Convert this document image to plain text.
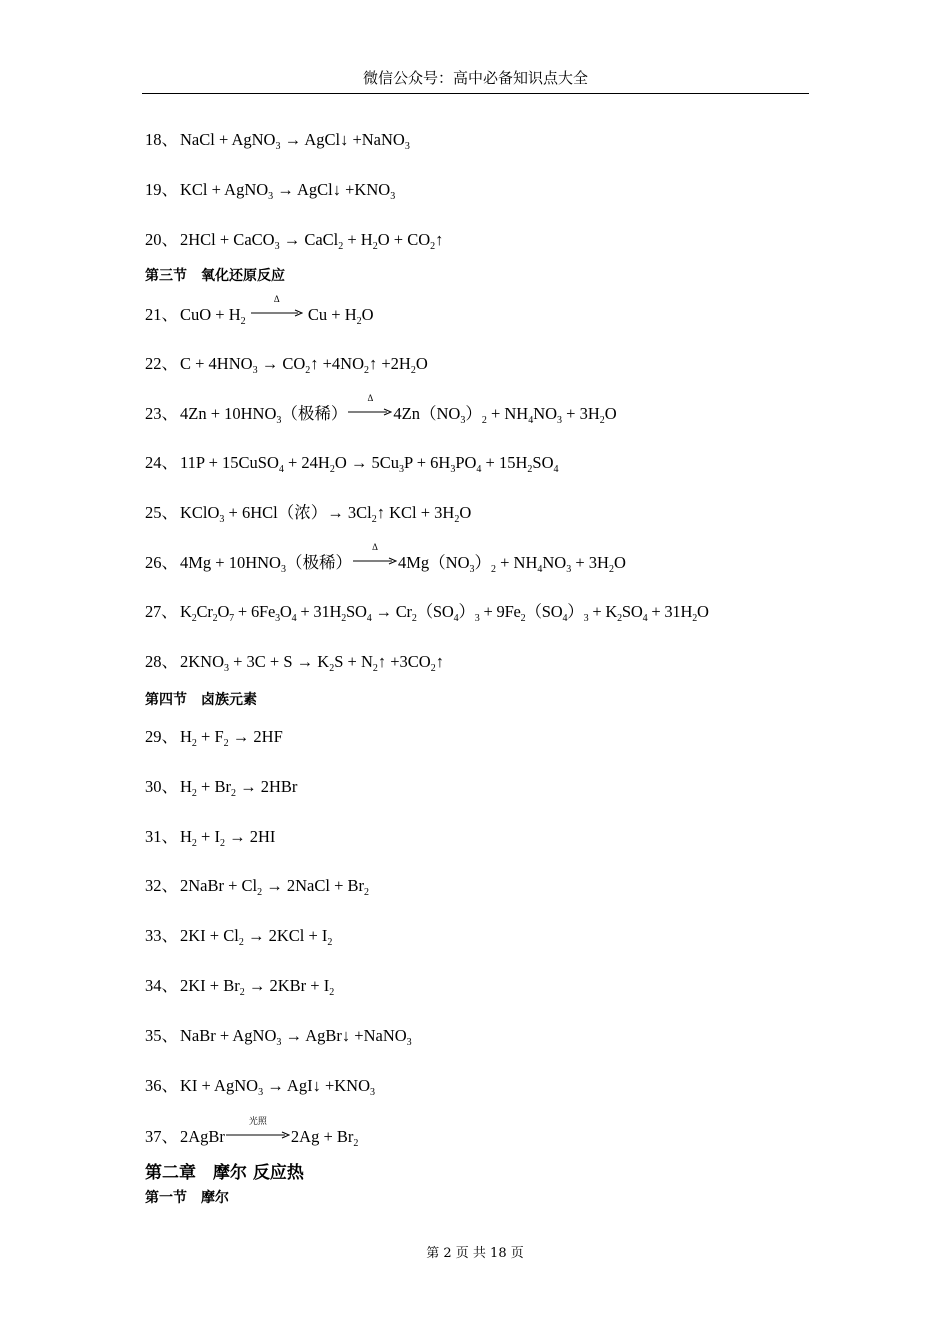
微信公众号：高中必备知识点大全
18、 NaCl + AgNO$_3$ → AgCl↓ +NaNO$_3$
19、 KCl + AgNO$_3$ → AgCl↓ $+KNO_3$
20、 2HCl + CaCO$_3$ → CaCl$_2$ + $H_2O$ + $CO_2↑$
第三节　氧化还原反应
21、 CuO + $H_2$
Δ
$Cu + H_2O$
22、 $C + 4HNO_3$ → $CO_2↑$ $+4NO_2↑ +2H_2O$
23、 $4Zn + 10HNO_3$（极稀）
Δ
$4Zn(NO_3)_2 + NH_4NO_3 + 3H_2O$
24、 11P + 15CuSO$_4$ + $24H_2O \to 5Cu_3P + 6H_3PO_4 + 15H_2SO_4$
25、 KClO$_3$ + 6HCl（浓）→ $3Cl_2↑$ KCl + $3H_2O$
26、 $4Mg + 10HNO_3$（极稀）
Δ
$4Mg(NO_3)_2 + NH_4NO_3 + 3H_2O$
27、 $K_2Cr_2O_7 + 6Fe_3O_4 + 31H_2SO_4 \to Cr_2(SO_4)_3 + 9Fe_2(SO_4)_3 + K_2SO_4 + 31H_2O$
28、 $2KNO_3 + 3C + S \to K_2S$ + $N_2↑$ $+3CO_2↑$
第四节　卤族元素
29、 $H_2 + F_2 \to 2HF$
30、 $H_2 + Br_2 \to 2HBr$
31、 $H_2 + I_2 \to 2HI$
32、 2NaBr + $Cl_2$ → 2NaCl + $Br_2$
33、 $2KI + Cl_2 \to 2KCl + I_2$
34、 $2KI + Br_2 \to 2KBr + I_2$
35、 NaBr + AgNO$_3$ → AgBr↓ +NaNO$_3$
36、 KI + AgNO$_3$ → AgI↓ $+KNO_3$
37、 2AgBr
光照
$2Ag + Br_2$
第二章　摩尔 反应热
第一节　摩尔
第 2 页 共 18 页
